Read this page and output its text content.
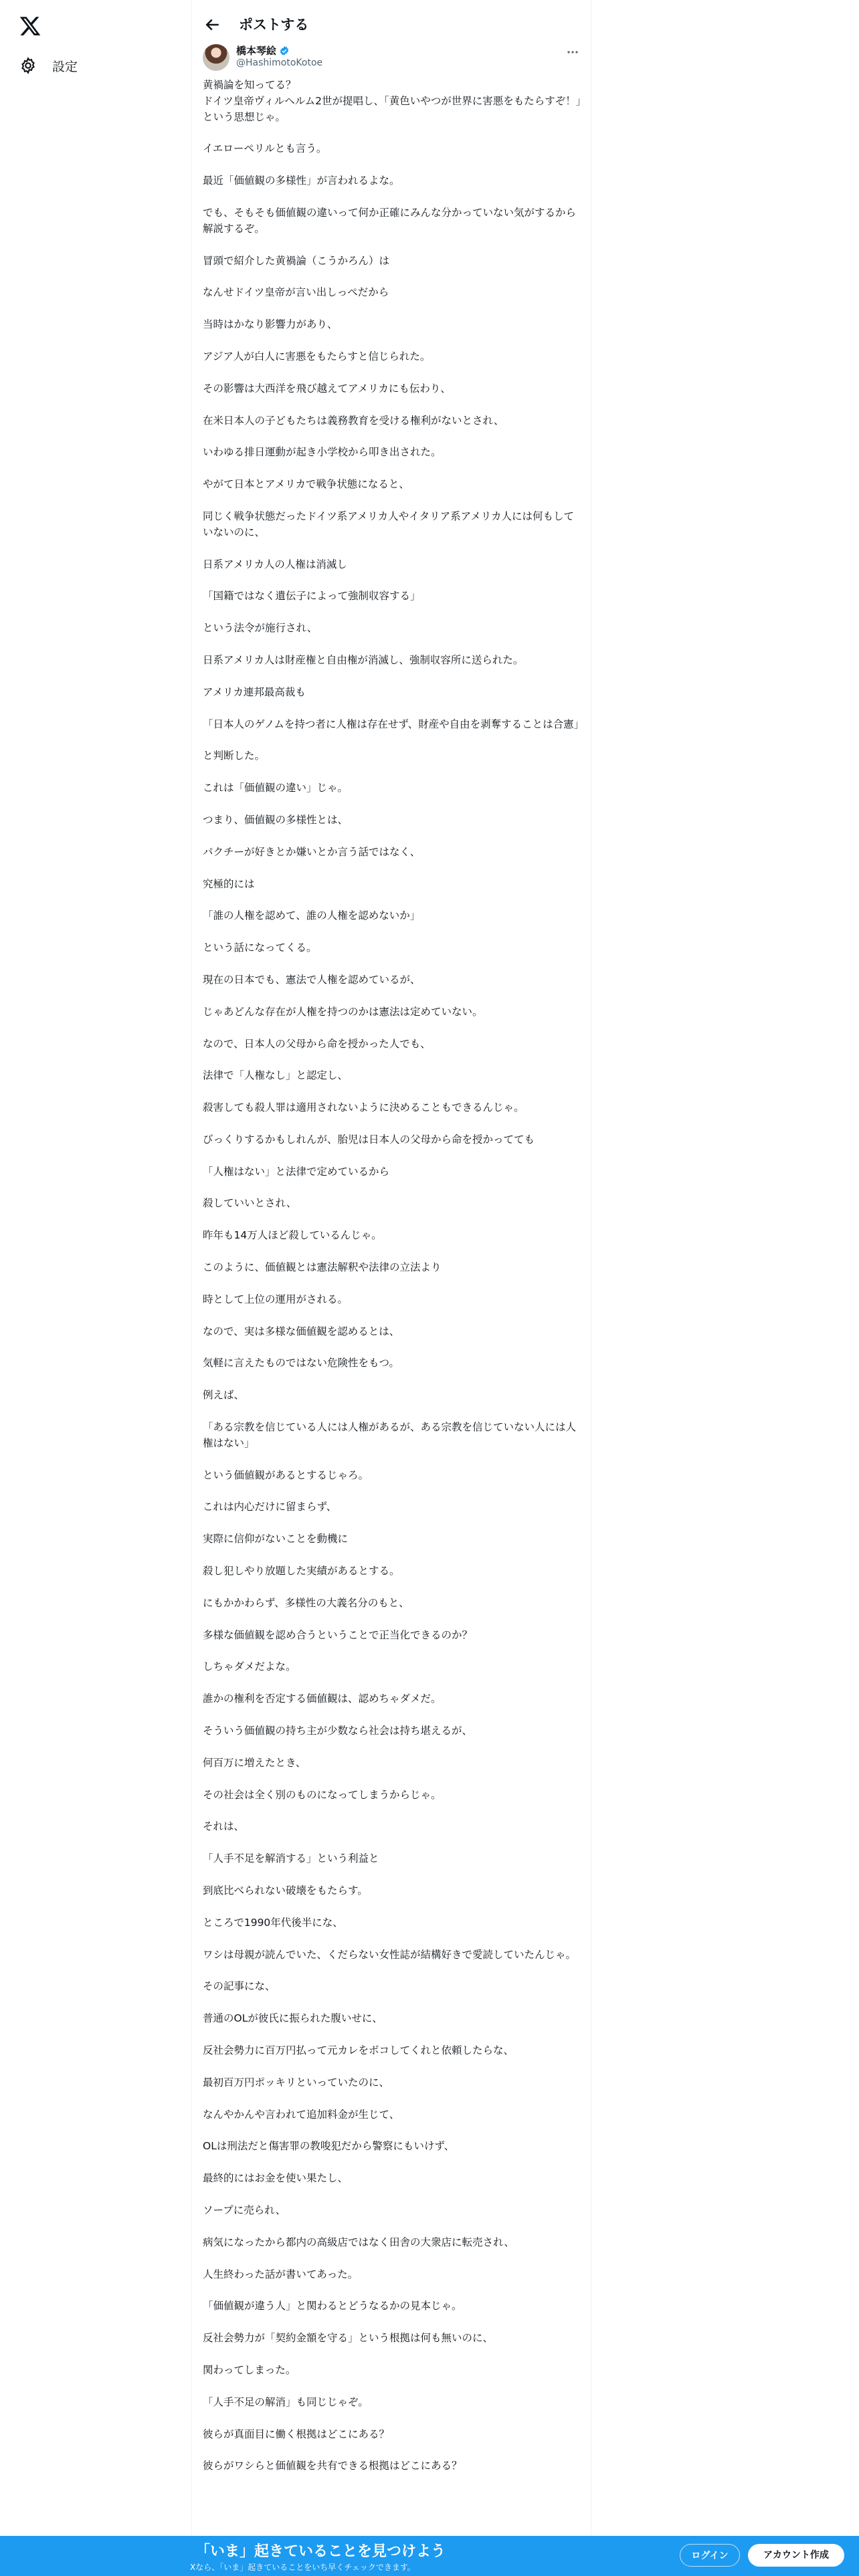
設定
ポストする
橋本琴絵
@HashimotoKotoe

黄禍論を知ってる？
ドイツ皇帝ヴィルヘルム2世が提唱し、「黄色いやつが世界に害悪をもたらすぞ！」という思想じゃ。

イエローペリルとも言う。

最近「価値観の多様性」が言われるよな。

でも、そもそも価値観の違いって何か正確にみんな分かっていない気がするから解説するぞ。

冒頭で紹介した黄禍論（こうかろん）は

なんせドイツ皇帝が言い出しっぺだから

当時はかなり影響力があり、

アジア人が白人に害悪をもたらすと信じられた。

その影響は大西洋を飛び越えてアメリカにも伝わり、

在米日本人の子どもたちは義務教育を受ける権利がないとされ、

いわゆる排日運動が起き小学校から叩き出された。

やがて日本とアメリカで戦争状態になると、

同じく戦争状態だったドイツ系アメリカ人やイタリア系アメリカ人には何もしていないのに、

日系アメリカ人の人権は消滅し

「国籍ではなく遺伝子によって強制収容する」

という法令が施行され、

日系アメリカ人は財産権と自由権が消滅し、強制収容所に送られた。

アメリカ連邦最高裁も

「日本人のゲノムを持つ者に人権は存在せず、財産や自由を剥奪することは合憲」

と判断した。

これは「価値観の違い」じゃ。

つまり、価値観の多様性とは、

パクチーが好きとか嫌いとか言う話ではなく、

究極的には

「誰の人権を認めて、誰の人権を認めないか」

という話になってくる。

現在の日本でも、憲法で人権を認めているが、

じゃあどんな存在が人権を持つのかは憲法は定めていない。

なので、日本人の父母から命を授かった人でも、

法律で「人権なし」と認定し、

殺害しても殺人罪は適用されないように決めることもできるんじゃ。

びっくりするかもしれんが、胎児は日本人の父母から命を授かってても

「人権はない」と法律で定めているから

殺していいとされ、

昨年も14万人ほど殺しているんじゃ。

このように、価値観とは憲法解釈や法律の立法より

時として上位の運用がされる。

なので、実は多様な価値観を認めるとは、

気軽に言えたものではない危険性をもつ。

例えば、

「ある宗教を信じている人には人権があるが、ある宗教を信じていない人には人権はない」

という価値観があるとするじゃろ。

これは内心だけに留まらず、

実際に信仰がないことを動機に

殺し犯しやり放題した実績があるとする。

にもかかわらず、多様性の大義名分のもと、

多様な価値観を認め合うということで正当化できるのか？

しちゃダメだよな。

誰かの権利を否定する価値観は、認めちゃダメだ。

そういう価値観の持ち主が少数なら社会は持ち堪えるが、

何百万に増えたとき、

その社会は全く別のものになってしまうからじゃ。

それは、

「人手不足を解消する」という利益と

到底比べられない破壊をもたらす。

ところで1990年代後半にな、

ワシは母親が読んでいた、くだらない女性誌が結構好きで愛読していたんじゃ。

その記事にな、

普通のOLが彼氏に振られた腹いせに、

反社会勢力に百万円払って元カレをボコしてくれと依頼したらな、

最初百万円ポッキリといっていたのに、

なんやかんや言われて追加料金が生じて、

OLは刑法だと傷害罪の教唆犯だから警察にもいけず、

最終的にはお金を使い果たし、

ソープに売られ、

病気になったから都内の高級店ではなく田舎の大衆店に転売され、

人生終わった話が書いてあった。

「価値観が違う人」と関わるとどうなるかの見本じゃ。

反社会勢力が「契約金額を守る」という根拠は何も無いのに、

関わってしまった。

「人手不足の解消」も同じじゃぞ。

彼らが真面目に働く根拠はどこにある？

彼らがワシらと価値観を共有できる根拠はどこにある？

「いま」起きていることを見つけよう
Xなら、「いま」起きていることをいち早くチェックできます。
ログイン	アカウント作成
